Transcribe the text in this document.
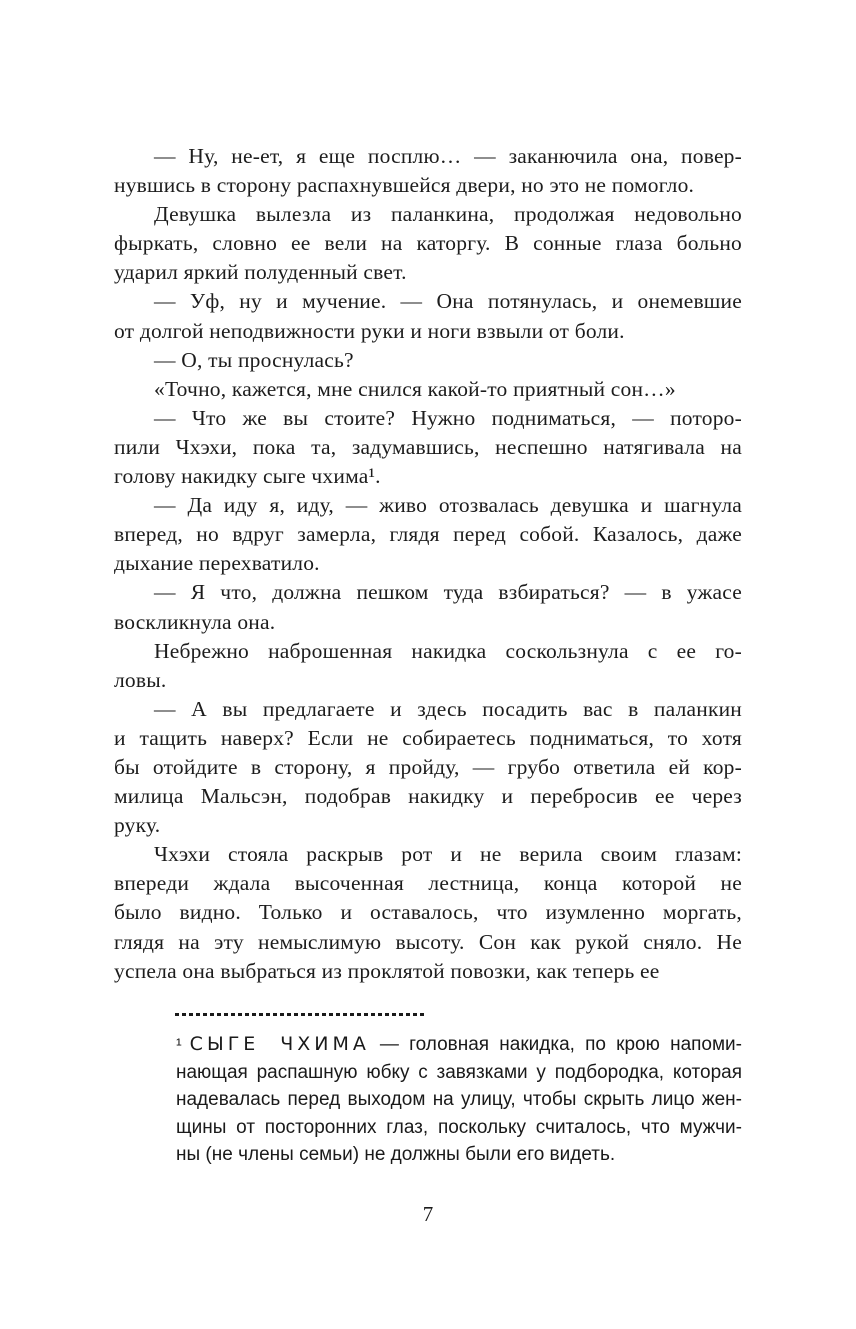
— Ну, не-ет, я еще посплю… — заканючила она, повер-
нувшись в сторону распахнувшейся двери, но это не помогло.
Девушка вылезла из паланкина, продолжая недовольно
фыркать, словно ее вели на каторгу. В сонные глаза больно
ударил яркий полуденный свет.
— Уф, ну и мучение. — Она потянулась, и онемевшие
от долгой неподвижности руки и ноги взвыли от боли.
— О, ты проснулась?
«Точно, кажется, мне снился какой-то приятный сон…»
— Что же вы стоите? Нужно подниматься, — поторо-
пили Чхэхи, пока та, задумавшись, неспешно натягивала на
голову накидку сыге чхима¹.
— Да иду я, иду, — живо отозвалась девушка и шагнула
вперед, но вдруг замерла, глядя перед собой. Казалось, даже
дыхание перехватило.
— Я что, должна пешком туда взбираться? — в ужасе
воскликнула она.
Небрежно наброшенная накидка соскользнула с ее го-
ловы.
— А вы предлагаете и здесь посадить вас в паланкин
и тащить наверх? Если не собираетесь подниматься, то хотя
бы отойдите в сторону, я пройду, — грубо ответила ей кор-
милица Мальсэн, подобрав накидку и перебросив ее через
руку.
Чхэхи стояла раскрыв рот и не верила своим глазам:
впереди ждала высоченная лестница, конца которой не
было видно. Только и оставалось, что изумленно моргать,
глядя на эту немыслимую высоту. Сон как рукой сняло. Не
успела она выбраться из проклятой повозки, как теперь ее
¹ СЫГЕ ЧХИМА — головная накидка, по крою напоми-
нающая распашную юбку с завязками у подбородка, которая
надевалась перед выходом на улицу, чтобы скрыть лицо жен-
щины от посторонних глаз, поскольку считалось, что мужчи-
ны (не члены семьи) не должны были его видеть.
7
